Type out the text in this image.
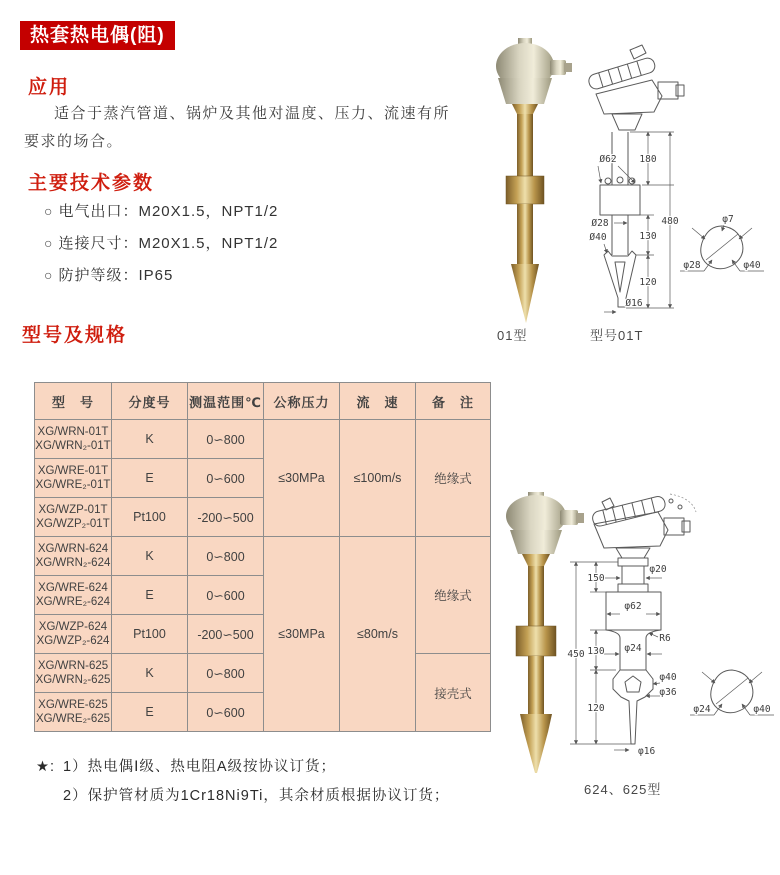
热套热电偶(阻)
应用

适合于蒸汽管道、锅炉及其他对温度、压力、流速有所要求的场合。

主要技术参数
○ 电气出口：M20X1.5，NPT1/2
○ 连接尺寸：M20X1.5，NPT1/2
○ 防护等级：IP65
型号及规格
型　号	分度号	测温范围℃	公称压力	流　速	备　注

XG/WRN-01T
XG/WRN₂-01T	K	0∽800	≤30MPa	≤100m/s	绝缘式

XG/WRE-01T
XG/WRE₂-01T	E	0∽600			

XG/WZP-01T
XG/WZP₂-01T	Pt100	-200∽500			

XG/WRN-624
XG/WRN₂-624	K	0∽800	≤30MPa	≤80m/s	绝缘式

XG/WRE-624
XG/WRE₂-624	E	0∽600			

XG/WZP-624
XG/WZP₂-624	Pt100	-200∽500			

XG/WRN-625
XG/WRN₂-625	K	0∽800			接壳式

XG/WRE-625
XG/WRE₂-625	E	0∽600			
★: 1）热电偶Ⅰ级、热电阻A级按协议订货；
2）保护管材质为1Cr18Ni9Ti，其余材质根据协议订货；
Ø62 180
480
Ø28
130
Ø40
120
Ø16
φ7
φ28	φ40
01型	型号01T
150
φ20
450
φ62
R6
130 φ24
φ40
φ36
120
φ16
φ24	φ40
624、625型
